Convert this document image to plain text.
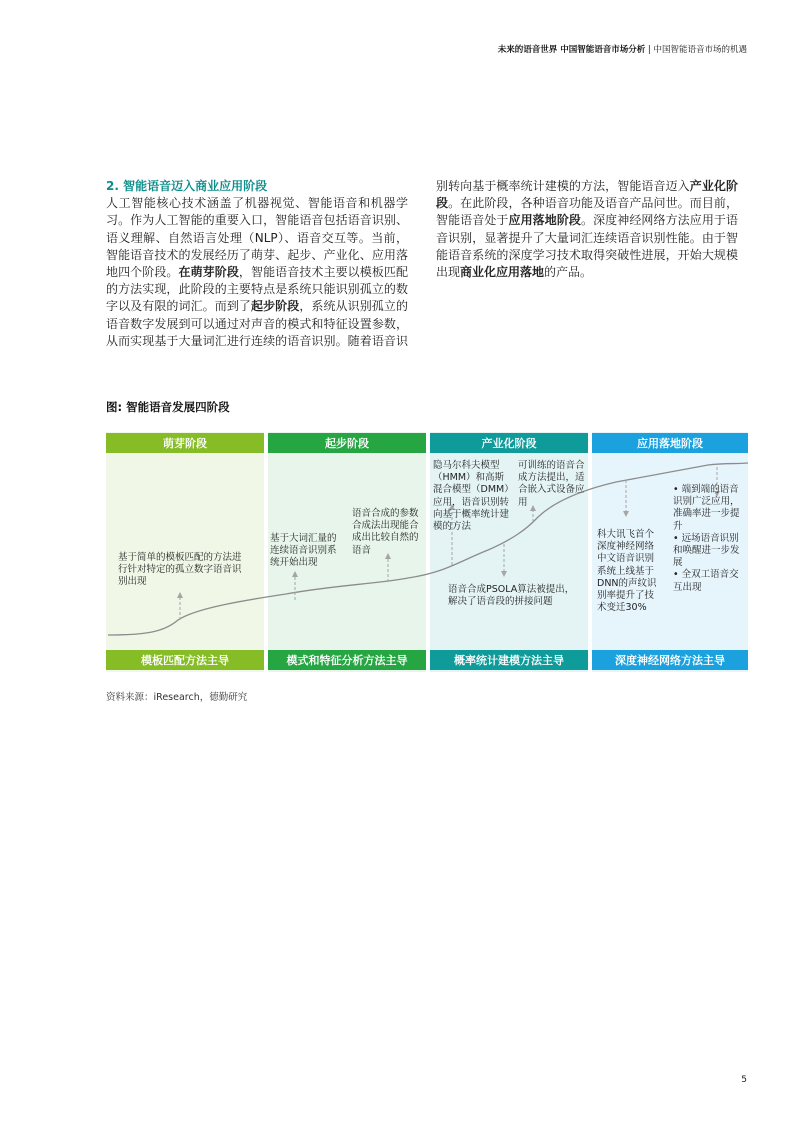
未来的语音世界 中国智能语音市场分析 | 中国智能语音市场的机遇
图: 智能语音发展四阶段
萌芽阶段	起步阶段	产业化阶段	应用落地阶段
基于简单的模板匹配的方法进行针对特定的孤立数字语音识别出现
基于大词汇量的连续语音识别系统开始出现
语音合成的参数合成法出现能合成出比较自然的语音
隐马尔科夫模型（HMM）和高斯混合模型（DMM）应用，语音识别转向基于概率统计建模的方法
可训练的语音合成方法提出，适合嵌入式设备应用
语音合成PSOLA算法被提出，解决了语音段的拼接问题
科大讯飞首个深度神经网络中文语音识别系统上线基于DNN的声纹识别率提升了技术变迁30%
• 端到端的语音识别广泛应用，准确率进一步提升
• 远场语音识别和唤醒进一步发展
• 全双工语音交互出现
模板匹配方法主导	模式和特征分析方法主导	概率统计建模方法主导	深度神经网络方法主导
资料来源：iResearch，德勤研究
5
2. 智能语音迈入商业应用阶段
人工智能核心技术涵盖了机器视觉、智能语音和机器学习。作为人工智能的重要入口，智能语音包括语音识别、语义理解、自然语言处理（NLP）、语音交互等。当前，智能语音技术的发展经历了萌芽、起步、产业化、应用落地四个阶段。在萌芽阶段，智能语音技术主要以模板匹配的方法实现，此阶段的主要特点是系统只能识别孤立的数字以及有限的词汇。而到了起步阶段，系统从识别孤立的语音数字发展到可以通过对声音的模式和特征设置参数，从而实现基于大量词汇进行连续的语音识别。随着语音识别转向基于概率统计建模的方法，智能语音迈入产业化阶段。在此阶段，各种语音功能及语音产品问世。而目前，智能语音处于应用落地阶段。深度神经网络方法应用于语音识别，显著提升了大量词汇连续语音识别性能。由于智能语音系统的深度学习技术取得突破性进展，开始大规模出现商业化应用落地的产品。
